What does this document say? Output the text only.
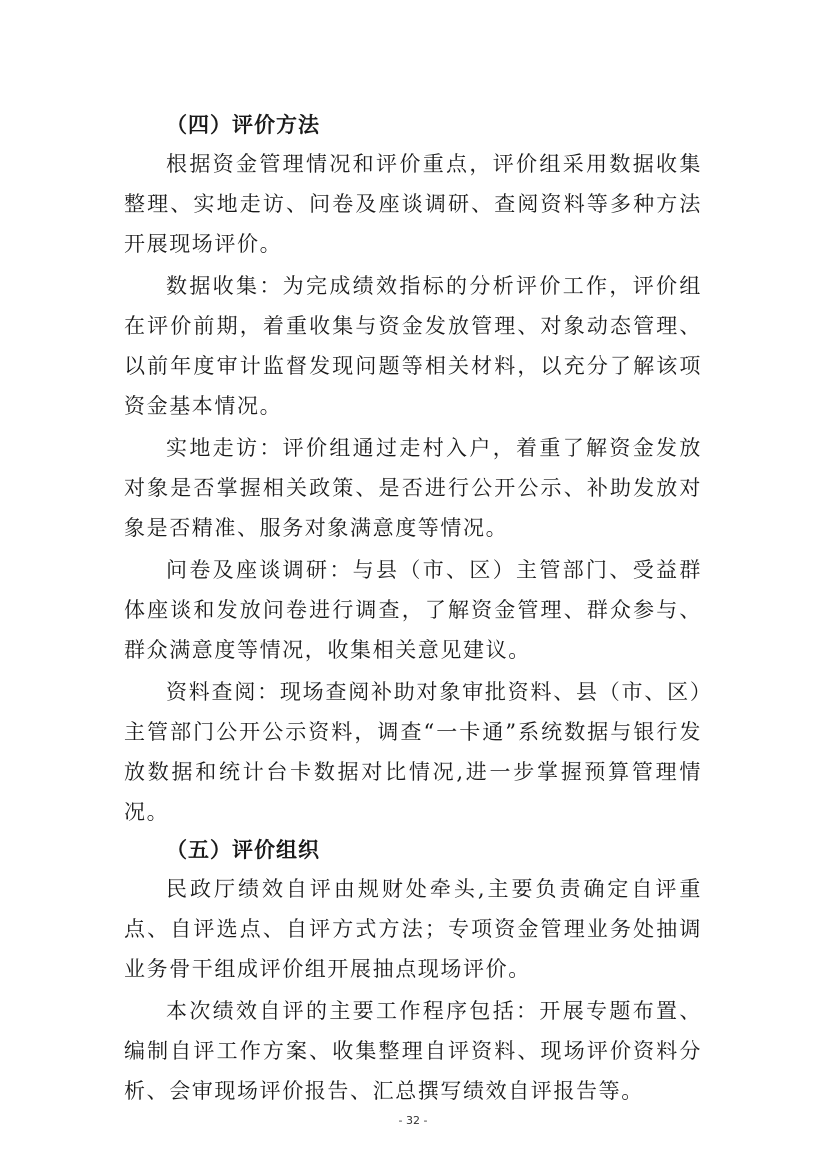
（四）评价方法

根据资金管理情况和评价重点，评价组采用数据收集整理、实地走访、问卷及座谈调研、查阅资料等多种方法开展现场评价。

数据收集：为完成绩效指标的分析评价工作，评价组在评价前期，着重收集与资金发放管理、对象动态管理、以前年度审计监督发现问题等相关材料，以充分了解该项资金基本情况。

实地走访：评价组通过走村入户，着重了解资金发放对象是否掌握相关政策、是否进行公开公示、补助发放对象是否精准、服务对象满意度等情况。

问卷及座谈调研：与县（市、区）主管部门、受益群体座谈和发放问卷进行调查，了解资金管理、群众参与、群众满意度等情况，收集相关意见建议。

资料查阅：现场查阅补助对象审批资料、县（市、区）主管部门公开公示资料，调查“一卡通”系统数据与银行发放数据和统计台卡数据对比情况,进一步掌握预算管理情况。

（五）评价组织

民政厅绩效自评由规财处牵头,主要负责确定自评重点、自评选点、自评方式方法；专项资金管理业务处抽调业务骨干组成评价组开展抽点现场评价。

本次绩效自评的主要工作程序包括：开展专题布置、编制自评工作方案、收集整理自评资料、现场评价资料分析、会审现场评价报告、汇总撰写绩效自评报告等。

- 32 -
